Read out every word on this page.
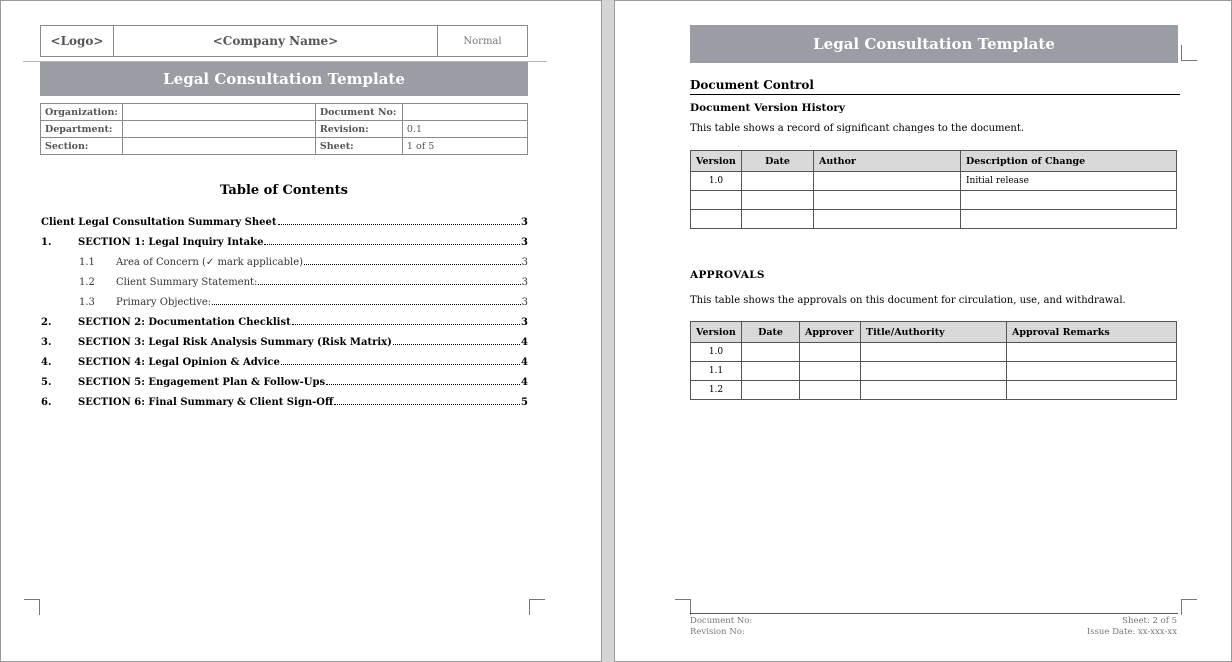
<Logo>	<Company Name>	Normal
Legal Consultation Template
Organization:		Document No:	
Department:		Revision:	0.1
Section:		Sheet:	1 of 5
Table of Contents
Client Legal Consultation Summary Sheet	3
1.	SECTION 1: Legal Inquiry Intake	3
1.1	Area of Concern (✓ mark applicable)	3
1.2	Client Summary Statement:	3
1.3	Primary Objective:	3
2.	SECTION 2: Documentation Checklist	3
3.	SECTION 3: Legal Risk Analysis Summary (Risk Matrix)	4
4.	SECTION 4: Legal Opinion & Advice	4
5.	SECTION 5: Engagement Plan & Follow-Ups	4
6.	SECTION 6: Final Summary & Client Sign-Off	5
Legal Consultation Template
Document Control
Document Version History
This table shows a record of significant changes to the document.
Version	Date	Author	Description of Change
1.0			Initial release

APPROVALS
This table shows the approvals on this document for circulation, use, and withdrawal.
Version	Date	Approver	Title/Authority	Approval Remarks
1.0				
1.1				
1.2				
Document No:
Revision No:
Sheet: 2 of 5
Issue Date: xx-xxx-xx
